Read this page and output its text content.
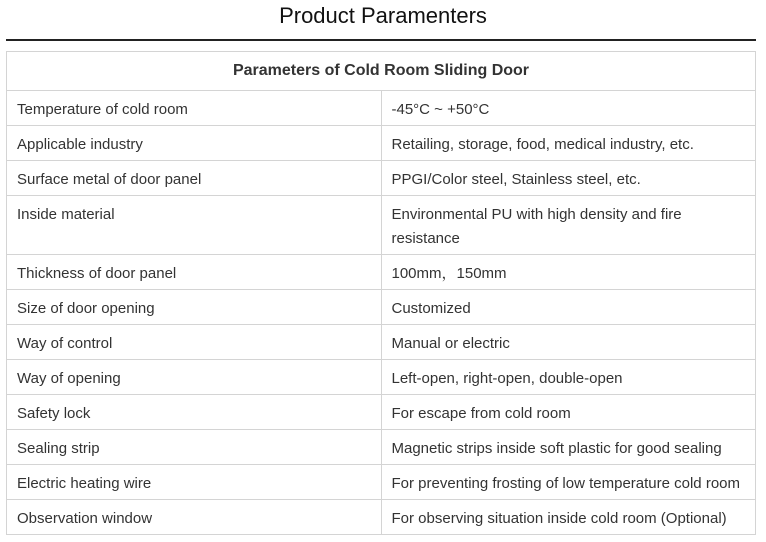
Product Paramenters
Parameters of Cold Room Sliding Door	
Temperature of cold room	-45°C ~ +50°C
Applicable industry	Retailing, storage, food, medical industry, etc.
Surface metal of door panel	PPGI/Color steel, Stainless steel, etc.
Inside material	Environmental PU with high density and fire resistance
Thickness of door panel	100mm，150mm
Size of door opening	Customized
Way of control	Manual or electric
Way of opening	Left-open, right-open, double-open
Safety lock	For escape from cold room
Sealing strip	Magnetic strips inside soft plastic for good sealing
Electric heating wire	For preventing frosting of low temperature cold room
Observation window	For observing situation inside cold room (Optional)
